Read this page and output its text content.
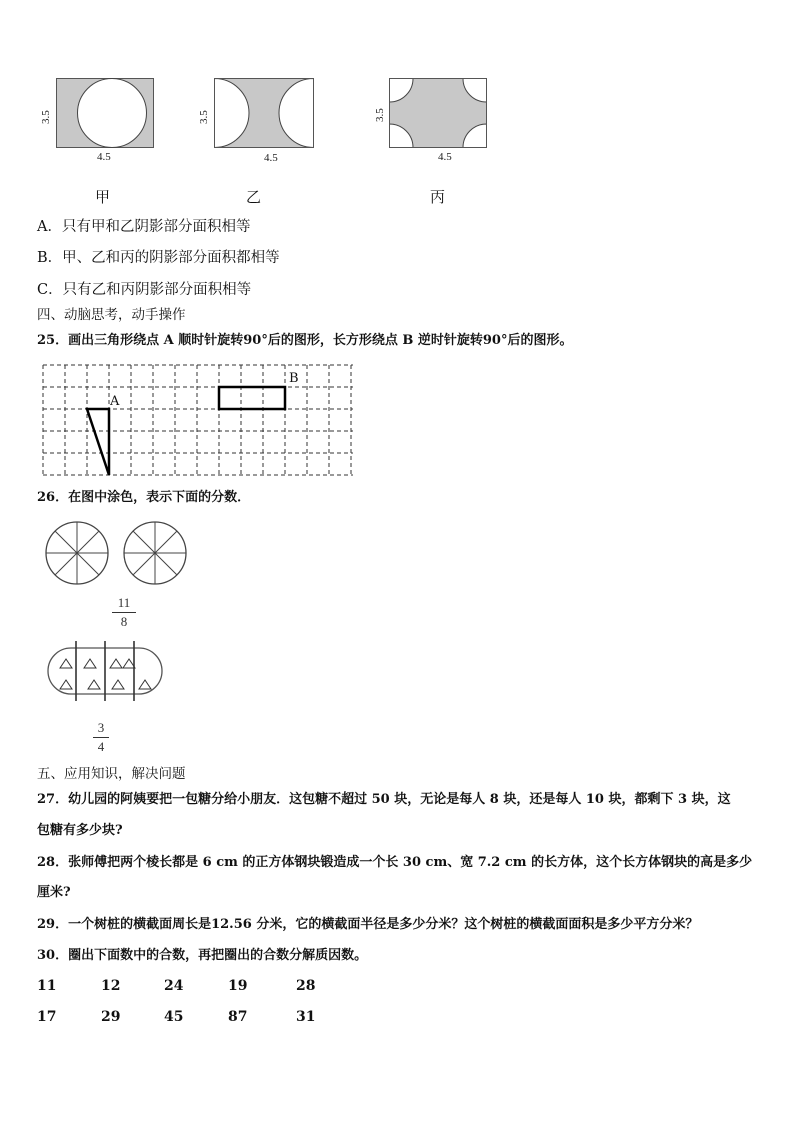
3.5
4.5
3.5
4.5
3.5
4.5
甲	乙	丙
A．只有甲和乙阴影部分面积相等
B．甲、乙和丙的阴影部分面积都相等
C．只有乙和丙阴影部分面积相等
四、动脑思考，动手操作
25．画出三角形绕点 A 顺时针旋转90°后的图形，长方形绕点 B 逆时针旋转90°后的图形。
A
B
26．在图中涂色，表示下面的分数．
11
8
3
4
五、应用知识，解决问题
27．幼儿园的阿姨要把一包糖分给小朋友．这包糖不超过 50 块，无论是每人 8 块，还是每人 10 块，都剩下 3 块，这
包糖有多少块?
28．张师傅把两个棱长都是 6 cm 的正方体钢块锻造成一个长 30 cm、宽 7.2 cm 的长方体，这个长方体钢块的高是多少
厘米?
29．一个树桩的横截面周长是12.56 分米，它的横截面半径是多少分米？这个树桩的横截面面积是多少平方分米？
30．圈出下面数中的合数，再把圈出的合数分解质因数。
11	12	24	19	28
17	29	45	87	31
